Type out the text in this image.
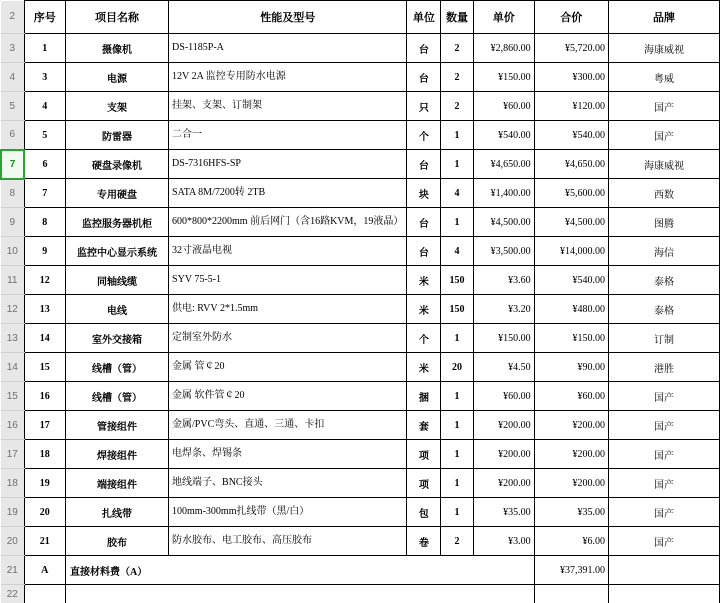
2	序号	项目名称	性能及型号	单位	数量	单价	合价	品牌
3	1	摄像机	DS-1185P-A	台	2	¥2,860.00	¥5,720.00	海康威视
4	3	电源	12V 2A 监控专用防水电源	台	2	¥150.00	¥300.00	粤威
5	4	支架	挂架、支架、订制架	只	2	¥60.00	¥120.00	国产
6	5	防雷器	二合一	个	1	¥540.00	¥540.00	国产
7	6	硬盘录像机	DS-7316HFS-SP	台	1	¥4,650.00	¥4,650.00	海康威视
8	7	专用硬盘	SATA 8M/7200转 2TB	块	4	¥1,400.00	¥5,600.00	西数
9	8	监控服务器机柜	600*800*2200mm 前后网门（含16路KVM，19液晶）	台	1	¥4,500.00	¥4,500.00	图腾
10	9	监控中心显示系统	32寸液晶电视	台	4	¥3,500.00	¥14,000.00	海信
11	12	同轴线缆	SYV 75-5-1	米	150	¥3.60	¥540.00	泰格
12	13	电线	供电: RVV 2*1.5mm	米	150	¥3.20	¥480.00	泰格
13	14	室外交接箱	定制室外防水	个	1	¥150.00	¥150.00	订制
14	15	线槽（管）	金属 管￠20	米	20	¥4.50	¥90.00	港胜
15	16	线槽（管）	金属 软件管￠20	捆	1	¥60.00	¥60.00	国产
16	17	管接组件	金属/PVC弯头、直通、三通、卡扣	套	1	¥200.00	¥200.00	国产
17	18	焊接组件	电焊条、焊锡条	项	1	¥200.00	¥200.00	国产
18	19	端接组件	地线端子、BNC接头	项	1	¥200.00	¥200.00	国产
19	20	扎线带	100mm-300mm扎线带（黑/白）	包	1	¥35.00	¥35.00	国产
20	21	胶布	防水胶布、电工胶布、高压胶布	卷	2	¥3.00	¥6.00	国产
21	A	直接材料费（A）					¥37,391.00	
22								
